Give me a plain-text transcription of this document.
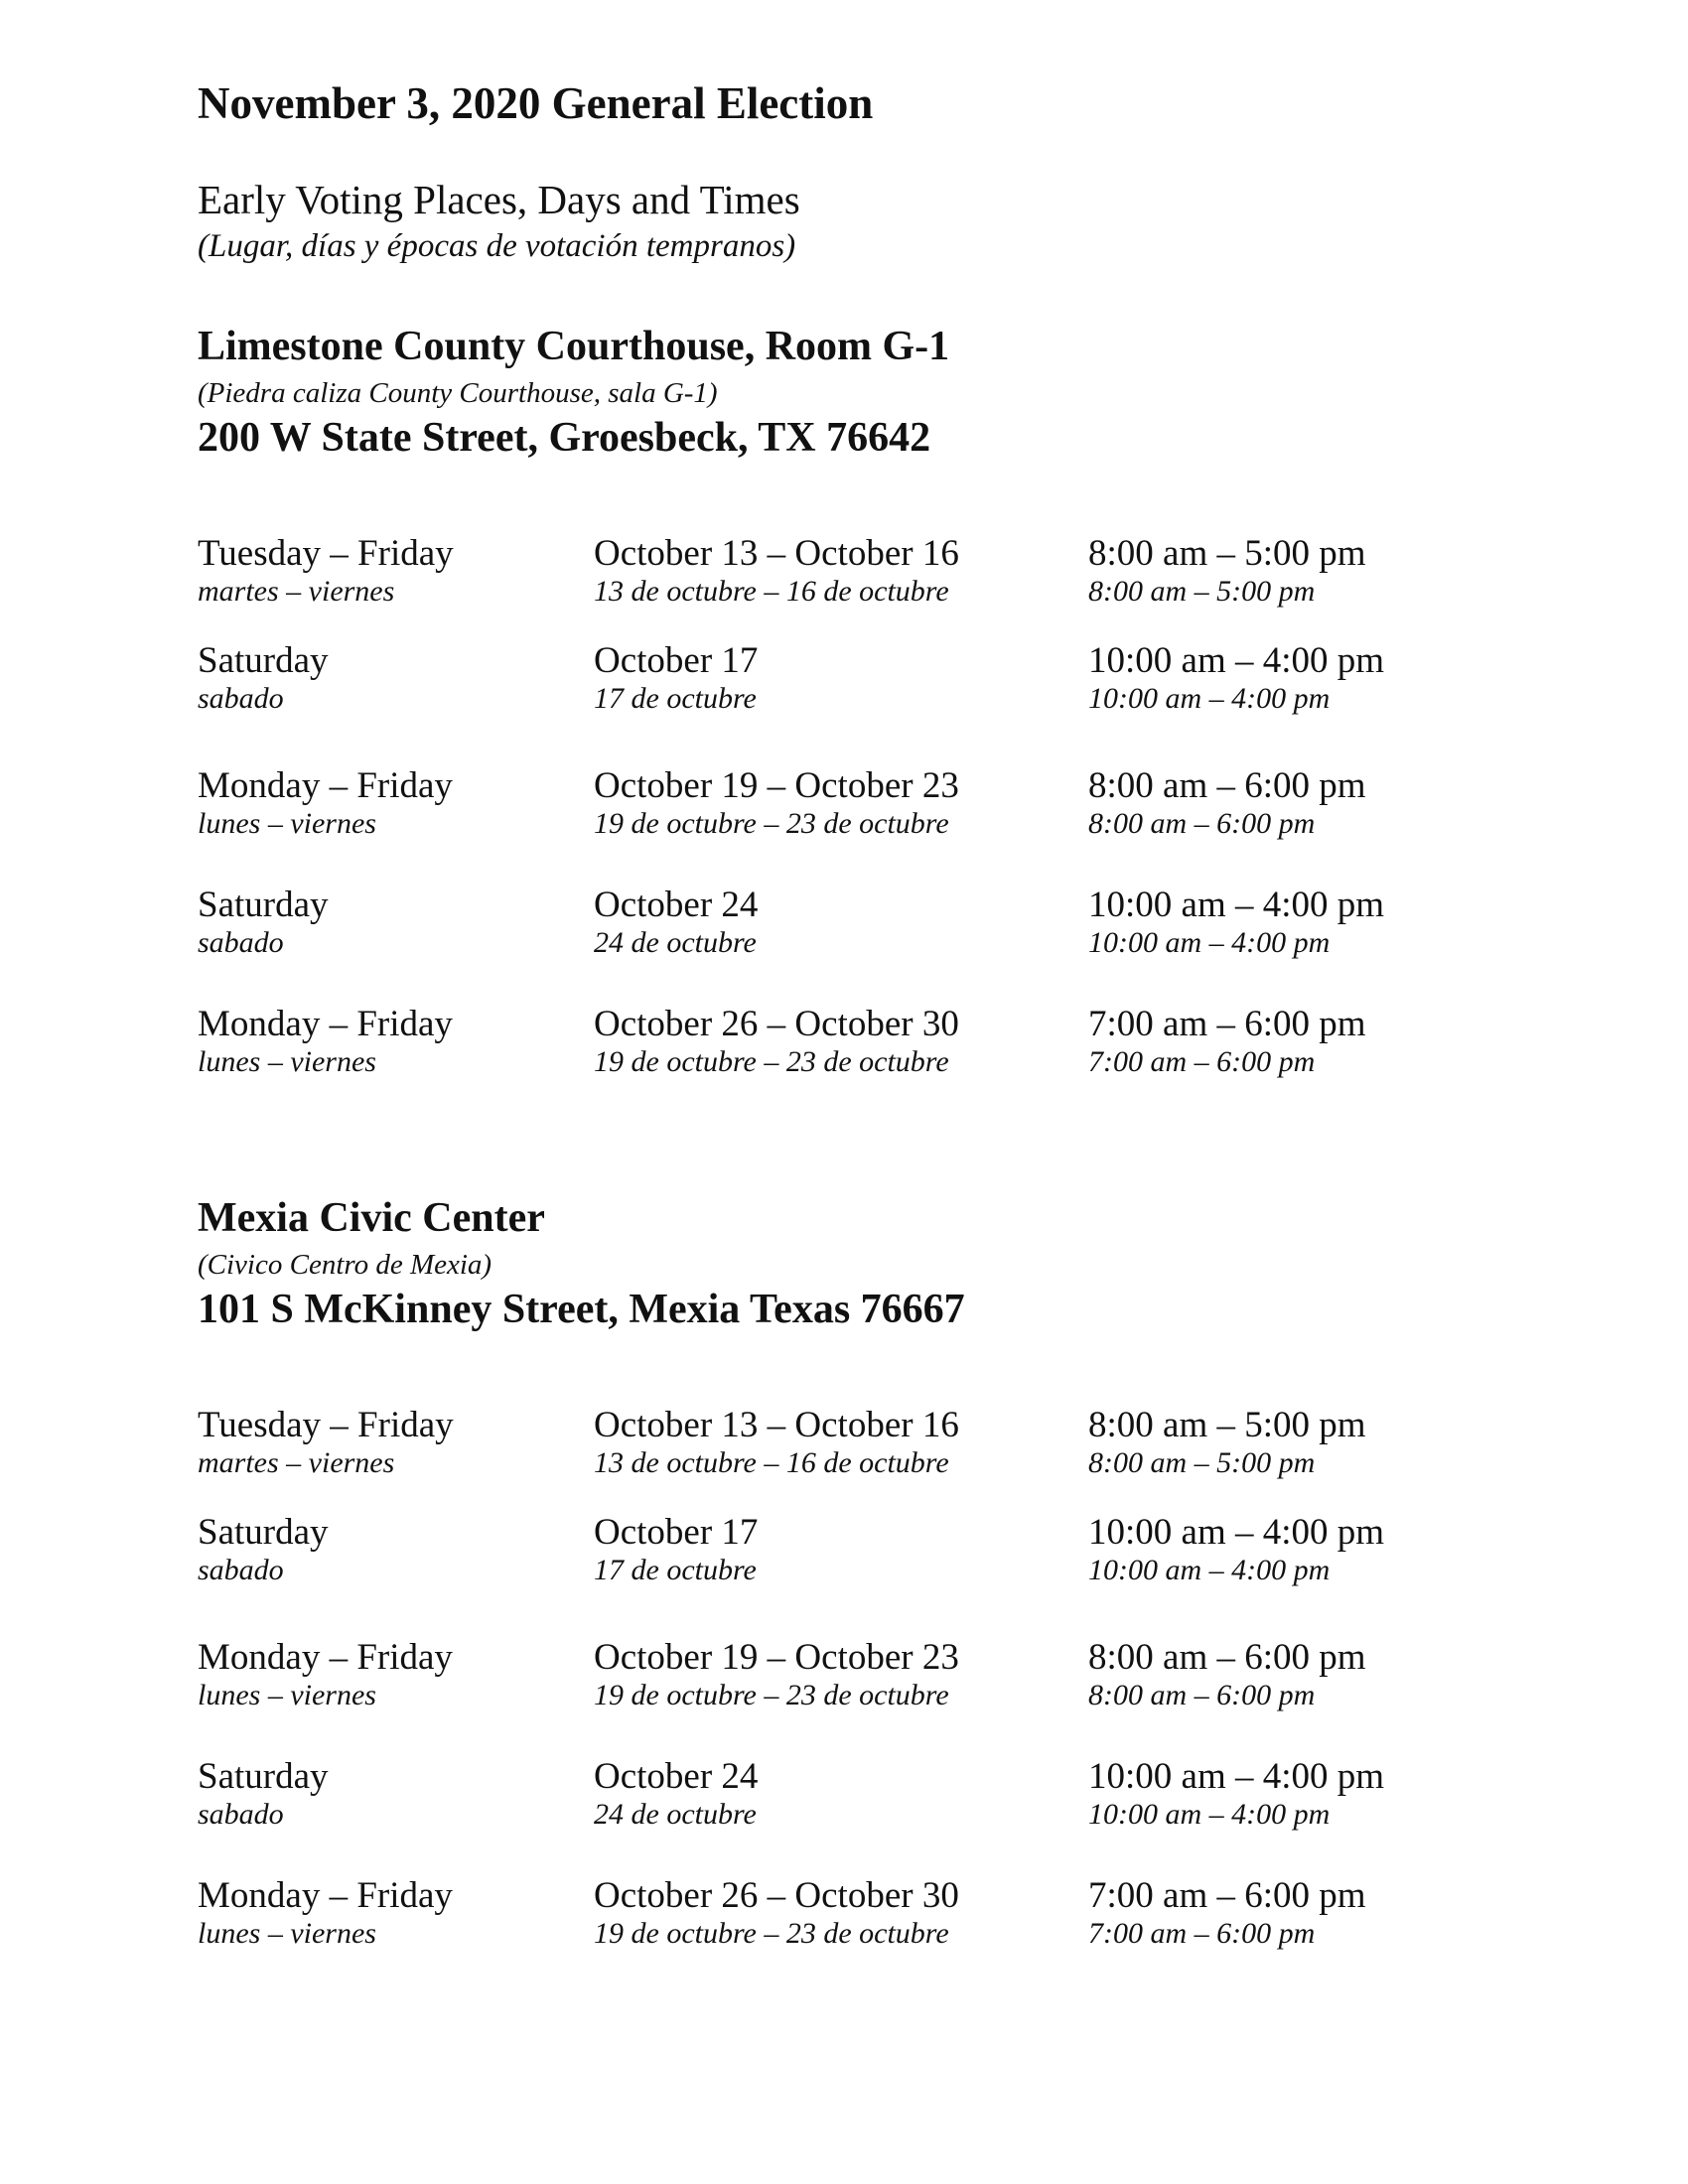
November 3, 2020 General Election
Early Voting Places, Days and Times
(Lugar, días y épocas de votación tempranos)
Limestone County Courthouse, Room G-1
(Piedra caliza County Courthouse, sala G-1)
200 W State Street, Groesbeck, TX 76642
Tuesday – Friday
martes – viernes
October 13 – October 16
13 de octubre – 16 de octubre
8:00 am – 5:00 pm
8:00 am – 5:00 pm
Saturday
sabado
October 17
17 de octubre
10:00 am – 4:00 pm
10:00 am – 4:00 pm
Monday – Friday
lunes – viernes
October 19 – October 23
19 de octubre – 23 de octubre
8:00 am – 6:00 pm
8:00 am – 6:00 pm
Saturday
sabado
October 24
24 de octubre
10:00 am – 4:00 pm
10:00 am – 4:00 pm
Monday – Friday
lunes – viernes
October 26 – October 30
19 de octubre – 23 de octubre
7:00 am – 6:00 pm
7:00 am – 6:00 pm
Mexia Civic Center
(Civico Centro de Mexia)
101 S McKinney Street, Mexia Texas 76667
Tuesday – Friday
martes – viernes
October 13 – October 16
13 de octubre – 16 de octubre
8:00 am – 5:00 pm
8:00 am – 5:00 pm
Saturday
sabado
October 17
17 de octubre
10:00 am – 4:00 pm
10:00 am – 4:00 pm
Monday – Friday
lunes – viernes
October 19 – October 23
19 de octubre – 23 de octubre
8:00 am – 6:00 pm
8:00 am – 6:00 pm
Saturday
sabado
October 24
24 de octubre
10:00 am – 4:00 pm
10:00 am – 4:00 pm
Monday – Friday
lunes – viernes
October 26 – October 30
19 de octubre – 23 de octubre
7:00 am – 6:00 pm
7:00 am – 6:00 pm
